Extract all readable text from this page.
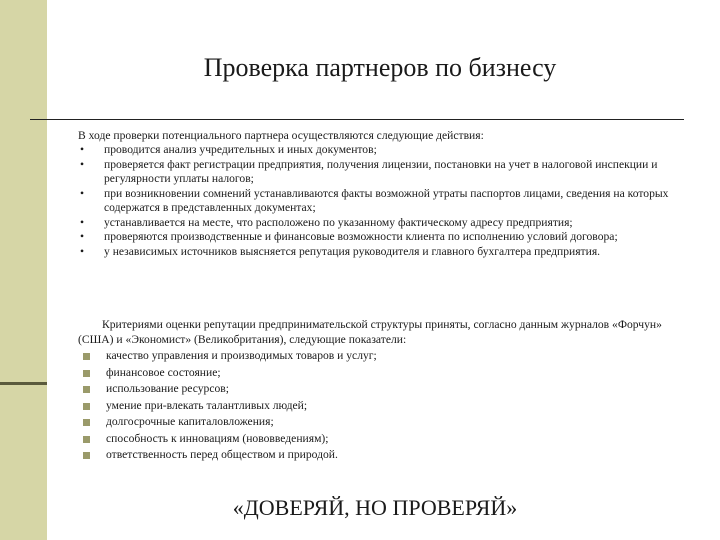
Проверка партнеров по бизнесу
В ходе проверки потенциального партнера осуществляются следующие действия:
• проводится анализ учредительных и иных документов;
• проверяется факт регистрации предприятия, получения лицензии, постановки на учет в налоговой инспекции и регулярности уплаты налогов;
• при возникновении сомнений устанавливаются факты возможной утраты паспортов лицами, сведения на которых содержатся в представленных документах;
• устанавливается на месте, что расположено по указанному фактическому адресу предприятия;
• проверяются производственные и финансовые возможности клиента по исполнению условий договора;
• у независимых источников выясняется репутация руководителя и главного бухгалтера предприятия.
Критериями оценки репутации предпринимательской структуры приняты, согласно данным журналов «Форчун» (США) и «Экономист» (Великобритания), следующие показатели:
качество управления и производимых товаров и услуг;
финансовое состояние;
использование ресурсов;
умение при-влекать талантливых людей;
долгосрочные капиталовложения;
способность к инновациям (нововведениям);
ответственность перед обществом и природой.
«ДОВЕРЯЙ, НО ПРОВЕРЯЙ»
